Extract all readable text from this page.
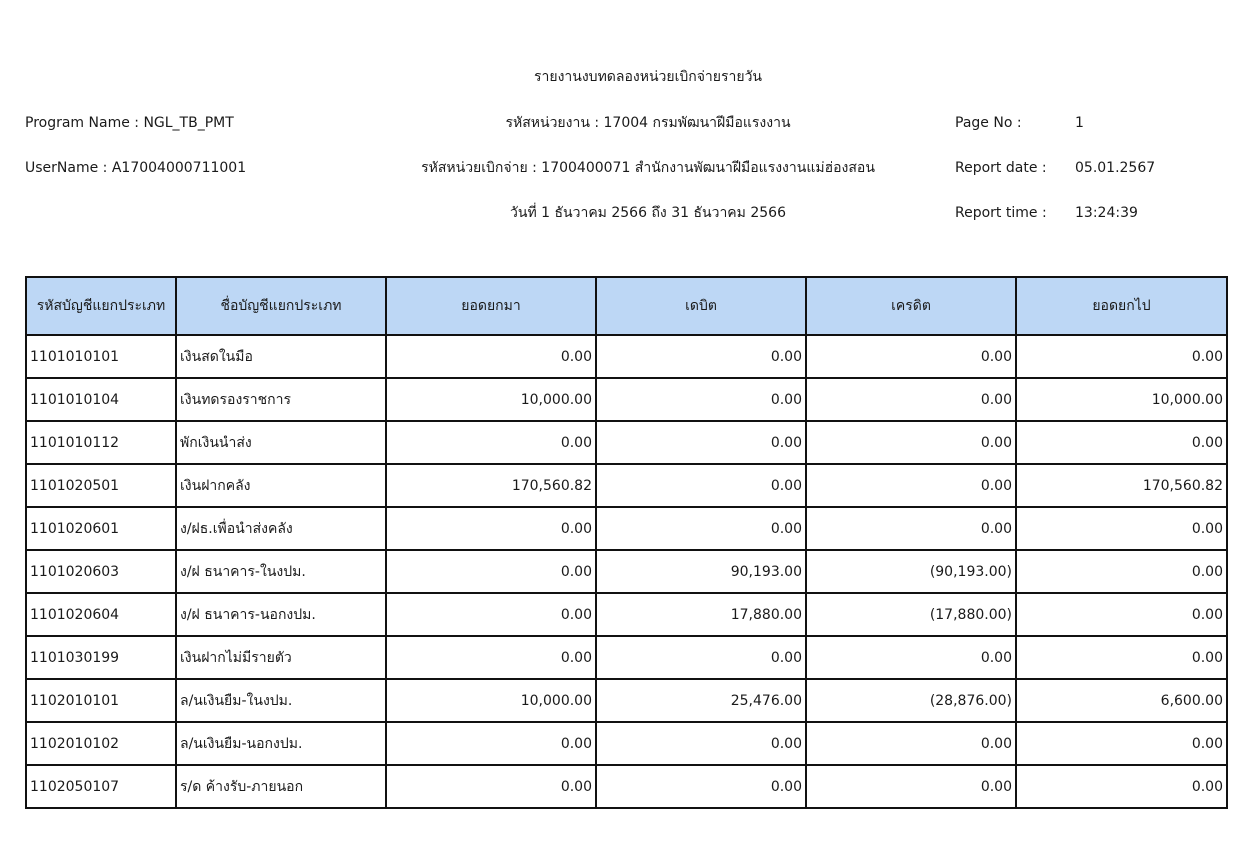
รายงานงบทดลองหน่วยเบิกจ่ายรายวัน
Program Name : NGL_TB_PMT
UserName : A17004000711001
รหัสหน่วยงาน : 17004 กรมพัฒนาฝีมือแรงงาน
รหัสหน่วยเบิกจ่าย : 1700400071 สำนักงานพัฒนาฝีมือแรงงานแม่ฮ่องสอน
วันที่ 1 ธันวาคม 2566 ถึง 31 ธันวาคม 2566
Page No :	1
Report date : 05.01.2567
Report time : 13:24:39
รหัสบัญชีแยกประเภท	ชื่อบัญชีแยกประเภท	ยอดยกมา	เดบิต	เครดิต	ยอดยกไป
1101010101	เงินสดในมือ	0.00	0.00	0.00	0.00
1101010104	เงินทดรองราชการ	10,000.00	0.00	0.00	10,000.00
1101010112	พักเงินนำส่ง	0.00	0.00	0.00	0.00
1101020501	เงินฝากคลัง	170,560.82	0.00	0.00	170,560.82
1101020601	ง/ฝธ.เพื่อนำส่งคลัง	0.00	0.00	0.00	0.00
1101020603	ง/ฝ ธนาคาร-ในงปม.	0.00	90,193.00	(90,193.00)	0.00
1101020604	ง/ฝ ธนาคาร-นอกงปม.	0.00	17,880.00	(17,880.00)	0.00
1101030199	เงินฝากไม่มีรายตัว	0.00	0.00	0.00	0.00
1102010101	ล/นเงินยืม-ในงปม.	10,000.00	25,476.00	(28,876.00)	6,600.00
1102010102	ล/นเงินยืม-นอกงปม.	0.00	0.00	0.00	0.00
1102050107	ร/ด ค้างรับ-ภายนอก	0.00	0.00	0.00	0.00
